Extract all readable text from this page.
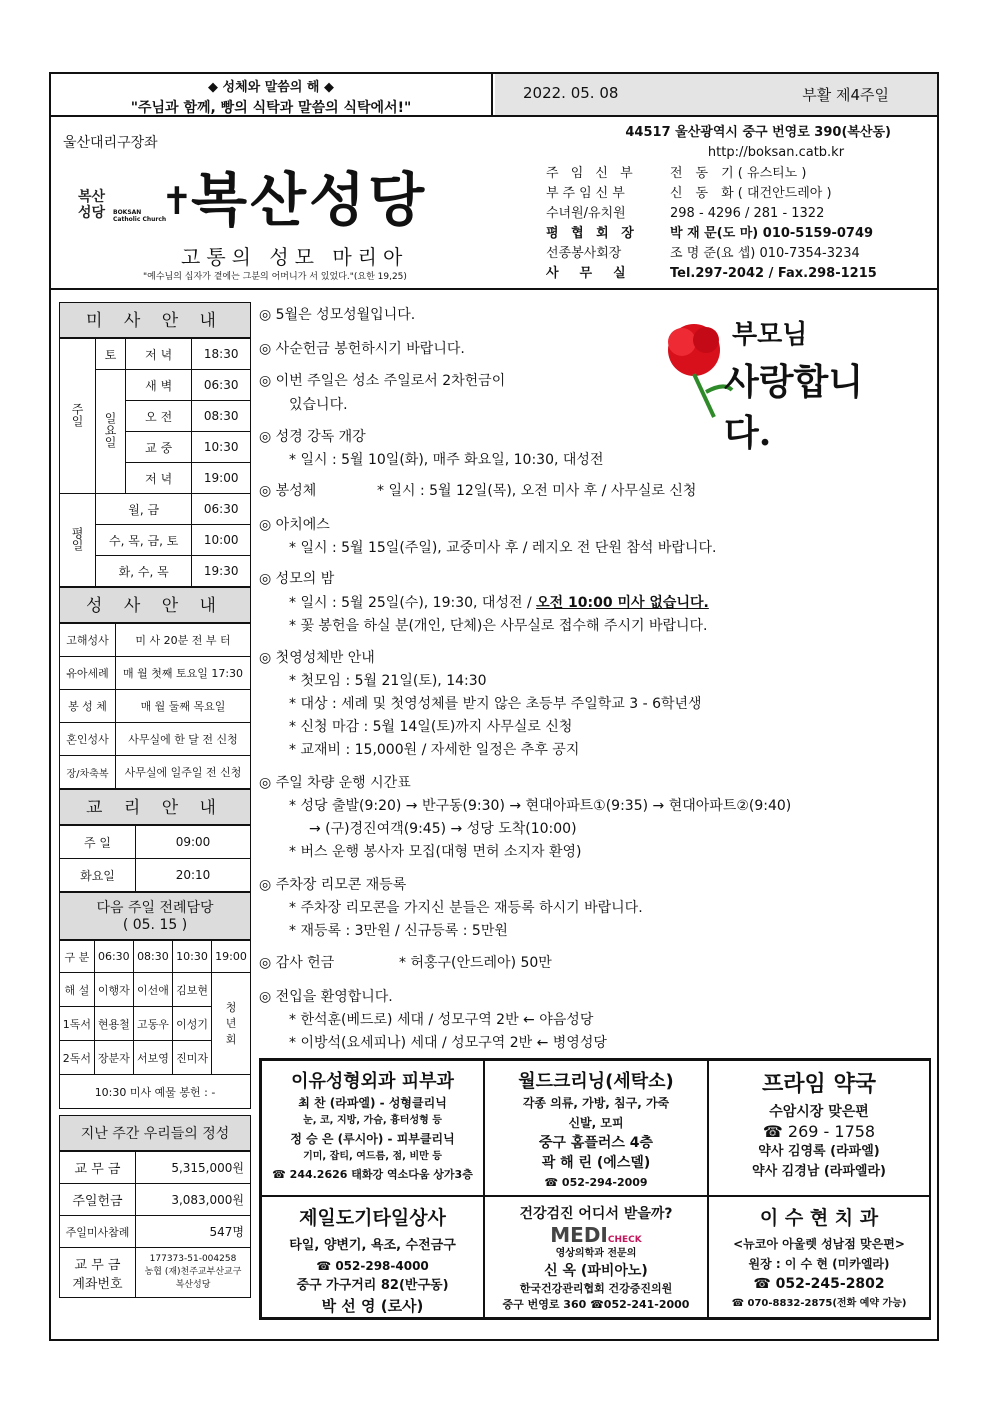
◆ 성체와 말씀의 해 ◆
"주님과 함께, 빵의 식탁과 말씀의 식탁에서!"
2022. 05. 08	부활 제4주일
울산대리구장좌
복산
성당 BOKSAN
Catholic Church
✝
복산성당
고통의 성모 마리아
"예수님의 십자가 곁에는 그분의 어머니가 서 있었다."(요한 19,25)
44517 울산광역시 중구 번영로 390(복산동)
http://boksan.catb.kr
주 임 신 부	전　동　기 ( 유스티노 )
부주임신부	신　동　화 ( 대건안드레아 )
수녀원/유치원	298 - 4296 / 281 - 1322
평 협 회 장	박 재 문(도 마) 010-5159-0749
선종봉사회장	조 명 준(요 셉) 010-7354-3234
사　무　실	Tel.297-2042 / Fax.298-1215
미 사 안 내
주일	토	저 녁	18:30
	일요일	새 벽	06:30
		오 전	08:30
		교 중	10:30
		저 녁	19:00
평일	월, 금		06:30
	수, 목, 금, 토		10:00
	화, 수, 목		19:30
성 사 안 내
고해성사	미 사 20분 전 부 터
유아세례	매 월 첫째 토요일 17:30
봉 성 체	매 월 둘째 목요일
혼인성사	사무실에 한 달 전 신청
장/차축복	사무실에 일주일 전 신청
교 리 안 내
주 일	09:00
화요일	20:10
다음 주일 전례담당
( 05. 15 )
구 분	06:30	08:30	10:30	19:00
해 설	이행자	이선애	김보현	청
년
회
1독서	현용철	고동우	이성기	
2독서	장분자	서보영	진미자	
10:30 미사 예물 봉헌 : -				
지난 주간 우리들의 정성
교 무 금	5,315,000원
주일헌금	3,083,000원
주일미사참례	547명
교 무 금
계좌번호	177373-51-004258
농협 (재)천주교부산교구
복산성당
부모님
사랑합니다.
◎ 5월은 성모성월입니다.
◎ 사순헌금 봉헌하시기 바랍니다.
◎ 이번 주일은 성소 주일로서 2차헌금이
있습니다.
◎ 성경 강독 개강
* 일시 : 5월 10일(화), 매주 화요일, 10:30, 대성전
◎ 봉성체	* 일시 : 5월 12일(목), 오전 미사 후 / 사무실로 신청
◎ 아치에스
* 일시 : 5월 15일(주일), 교중미사 후 / 레지오 전 단원 참석 바랍니다.
◎ 성모의 밤
* 일시 : 5월 25일(수), 19:30, 대성전 / 오전 10:00 미사 없습니다.
* 꽃 봉헌을 하실 분(개인, 단체)은 사무실로 접수해 주시기 바랍니다.
◎ 첫영성체반 안내
* 첫모임 : 5월 21일(토), 14:30
* 대상 : 세례 및 첫영성체를 받지 않은 초등부 주일학교 3 - 6학년생
* 신청 마감 : 5월 14일(토)까지 사무실로 신청
* 교재비 : 15,000원 / 자세한 일정은 추후 공지
◎ 주일 차량 운행 시간표
* 성당 출발(9:20) → 반구동(9:30) → 현대아파트①(9:35) → 현대아파트②(9:40)
→ (구)경진여객(9:45) → 성당 도착(10:00)
* 버스 운행 봉사자 모집(대형 면허 소지자 환영)
◎ 주차장 리모콘 재등록
* 주차장 리모콘을 가지신 분들은 재등록 하시기 바랍니다.
* 재등록 : 3만원 / 신규등록 : 5만원
◎ 감사 헌금	* 허홍구(안드레아) 50만
◎ 전입을 환영합니다.
* 한석훈(베드로) 세대 / 성모구역 2반 ← 야음성당
* 이방석(요세피나) 세대 / 성모구역 2반 ← 병영성당
이유성형외과 피부과
최 찬 (라파엘) - 성형클리닉
눈, 코, 지방, 가슴, 흉터성형 등
정 승 은 (루시아) - 피부클리닉
기미, 잡티, 여드름, 점, 비만 등
☎ 244.2626 태화강 역소다움 상가3층
월드크리닝(세탁소)
각종 의류, 가방, 침구, 가죽
신발, 모피
중구 홈플러스 4층
곽 해 린 (에스델)
☎ 052-294-2009
프라임 약국
수암시장 맞은편
☎ 269 - 1758
약사 김영록 (라파엘)
약사 김경남 (라파엘라)
제일도기타일상사
타일, 양변기, 욕조, 수전금구
☎ 052-298-4000
중구 가구거리 82(반구동)
박 선 영 (로사)
건강검진 어디서 받을까?
MEDICHECK
영상의학과 전문의
신 옥 (파비아노)
한국건강관리협회 건강증진의원
중구 번영로 360 ☎052-241-2000
이 수 현 치 과
<뉴코아 아울렛 성남점 맞은편>
원장 : 이 수 현 (미카엘라)
☎ 052-245-2802
☎ 070-8832-2875(전화 예약 가능)
